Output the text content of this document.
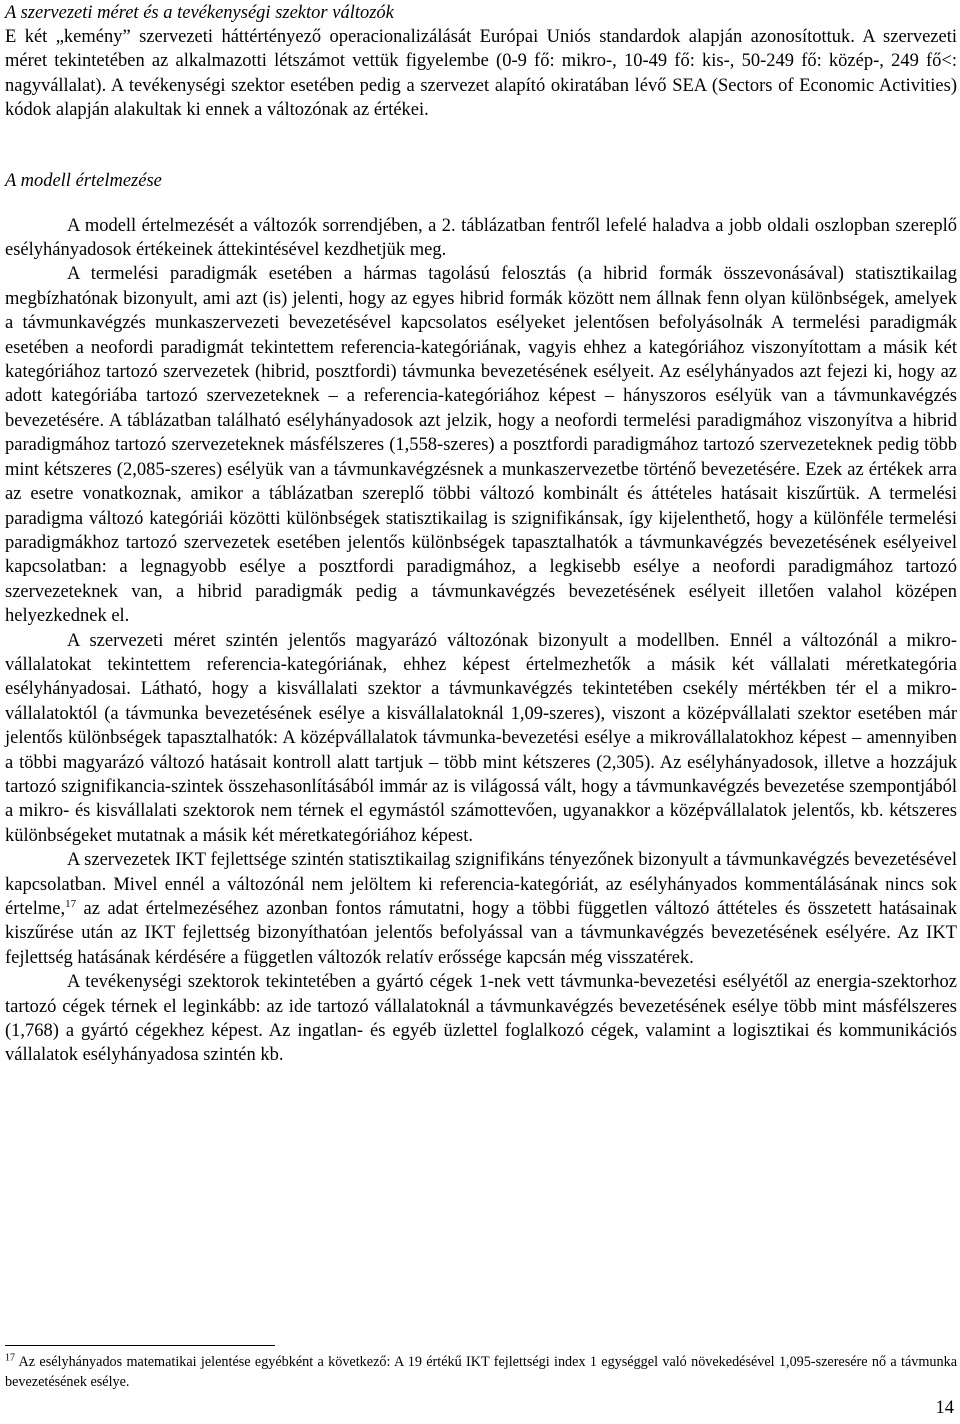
A szervezeti méret és a tevékenységi szektor változók

E két „kemény” szervezeti háttértényező operacionalizálását Európai Uniós standardok alapján azonosítottuk. A szervezeti méret tekintetében az alkalmazotti létszámot vettük figyelembe (0-9 fő: mikro-, 10-49 fő: kis-, 50-249 fő: közép-, 249 fő<: nagyvállalat). A tevékenységi szektor esetében pedig a szervezet alapító okiratában lévő SEA (Sectors of Economic Activities) kódok alapján alakultak ki ennek a változónak az értékei.

A modell értelmezése

A modell értelmezését a változók sorrendjében, a 2. táblázatban fentről lefelé haladva a jobb oldali oszlopban szereplő esélyhányadosok értékeinek áttekintésével kezdhetjük meg.

A termelési paradigmák esetében a hármas tagolású felosztás (a hibrid formák összevonásával) statisztikailag megbízhatónak bizonyult, ami azt (is) jelenti, hogy az egyes hibrid formák között nem állnak fenn olyan különbségek, amelyek a távmunkavégzés munkaszervezeti bevezetésével kapcsolatos esélyeket jelentősen befolyásolnák A termelési paradigmák esetében a neofordi paradigmát tekintettem referencia-kategóriának, vagyis ehhez a kategóriához viszonyítottam a másik két kategóriához tartozó szervezetek (hibrid, posztfordi) távmunka bevezetésének esélyeit. Az esélyhányados azt fejezi ki, hogy az adott kategóriába tartozó szervezeteknek – a referencia-kategóriához képest – hányszoros esélyük van a távmunkavégzés bevezetésére. A táblázatban található esélyhányadosok azt jelzik, hogy a neofordi termelési paradigmához viszonyítva a hibrid paradigmához tartozó szervezeteknek másfélszeres (1,558-szeres) a posztfordi paradigmához tartozó szervezeteknek pedig több mint kétszeres (2,085-szeres) esélyük van a távmunkavégzésnek a munkaszervezetbe történő bevezetésére. Ezek az értékek arra az esetre vonatkoznak, amikor a táblázatban szereplő többi változó kombinált és áttételes hatásait kiszűrtük. A termelési paradigma változó kategóriái közötti különbségek statisztikailag is szignifikánsak, így kijelenthető, hogy a különféle termelési paradigmákhoz tartozó szervezetek esetében jelentős különbségek tapasztalhatók a távmunkavégzés bevezetésének esélyeivel kapcsolatban: a legnagyobb esélye a posztfordi paradigmához, a legkisebb esélye a neofordi paradigmához tartozó szervezeteknek van, a hibrid paradigmák pedig a távmunkavégzés bevezetésének esélyeit illetően valahol középen helyezkednek el.

A szervezeti méret szintén jelentős magyarázó változónak bizonyult a modellben. Ennél a változónál a mikro-vállalatokat tekintettem referencia-kategóriának, ehhez képest értelmezhetők a másik két vállalati méretkategória esélyhányadosai. Látható, hogy a kisvállalati szektor a távmunkavégzés tekintetében csekély mértékben tér el a mikro-vállalatoktól (a távmunka bevezetésének esélye a kisvállalatoknál 1,09-szeres), viszont a középvállalati szektor esetében már jelentős különbségek tapasztalhatók: A középvállalatok távmunka-bevezetési esélye a mikrovállalatokhoz képest – amennyiben a többi magyarázó változó hatásait kontroll alatt tartjuk – több mint kétszeres (2,305). Az esélyhányadosok, illetve a hozzájuk tartozó szignifikancia-szintek összehasonlításából immár az is világossá vált, hogy a távmunkavégzés bevezetése szempontjából a mikro- és kisvállalati szektorok nem térnek el egymástól számottevően, ugyanakkor a középvállalatok jelentős, kb. kétszeres különbségeket mutatnak a másik két méretkategóriához képest.

A szervezetek IKT fejlettsége szintén statisztikailag szignifikáns tényezőnek bizonyult a távmunkavégzés bevezetésével kapcsolatban. Mivel ennél a változónál nem jelöltem ki referencia-kategóriát, az esélyhányados kommentálásának nincs sok értelme,$^{17}$ az adat értelmezéséhez azonban fontos rámutatni, hogy a többi független változó áttételes és összetett hatásainak kiszűrése után az IKT fejlettség bizonyíthatóan jelentős befolyással van a távmunkavégzés bevezetésének esélyére. Az IKT fejlettség hatásának kérdésére a független változók relatív erőssége kapcsán még visszatérek.

A tevékenységi szektorok tekintetében a gyártó cégek 1-nek vett távmunka-bevezetési esélyétől az energia-szektorhoz tartozó cégek térnek el leginkább: az ide tartozó vállalatoknál a távmunkavégzés bevezetésének esélye több mint másfélszeres (1,768) a gyártó cégekhez képest. Az ingatlan- és egyéb üzlettel foglalkozó cégek, valamint a logisztikai és kommunikációs vállalatok esélyhányadosa szintén kb.

$^{17}$ Az esélyhányados matematikai jelentése egyébként a következő: A 19 értékű IKT fejlettségi index 1 egységgel való növekedésével 1,095-szeresére nő a távmunka bevezetésének esélye.

14
